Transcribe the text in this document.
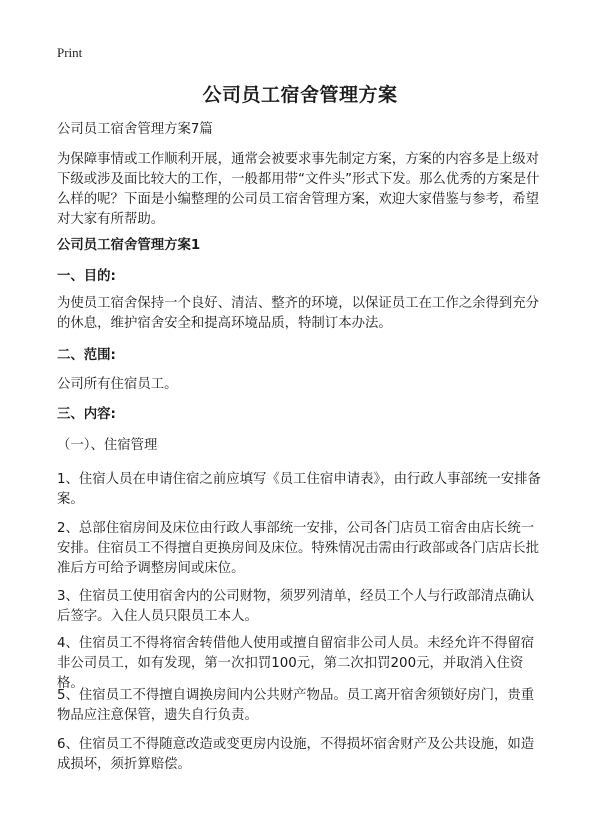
Print
公司员工宿舍管理方案
公司员工宿舍管理方案7篇
为保障事情或工作顺利开展，通常会被要求事先制定方案，方案的内容多是上级对下级或涉及面比较大的工作，一般都用带“文件头”形式下发。那么优秀的方案是什么样的呢？下面是小编整理的公司员工宿舍管理方案，欢迎大家借鉴与参考，希望对大家有所帮助。
公司员工宿舍管理方案1
一、目的:
为使员工宿舍保持一个良好、清洁、整齐的环境，以保证员工在工作之余得到充分的休息，维护宿舍安全和提高环境品质，特制订本办法。
二、范围:
公司所有住宿员工。
三、内容:
（一）、住宿管理
1、住宿人员在申请住宿之前应填写《员工住宿申请表》，由行政人事部统一安排备案。
2、总部住宿房间及床位由行政人事部统一安排，公司各门店员工宿舍由店长统一安排。住宿员工不得擅自更换房间及床位。特殊情况击需由行政部或各门店店长批准后方可给予调整房间或床位。
3、住宿员工使用宿舍内的公司财物，须罗列清单，经员工个人与行政部清点确认后签字。入住人员只限员工本人。
4、住宿员工不得将宿舍转借他人使用或擅自留宿非公司人员。未经允许不得留宿非公司员工，如有发现，第一次扣罚100元，第二次扣罚200元，并取消入住资格。
5、住宿员工不得擅自调换房间内公共财产物品。员工离开宿舍须锁好房门，贵重物品应注意保管，遗失自行负责。
6、住宿员工不得随意改造或变更房内设施，不得损坏宿舍财产及公共设施，如造成损坏，须折算赔偿。
